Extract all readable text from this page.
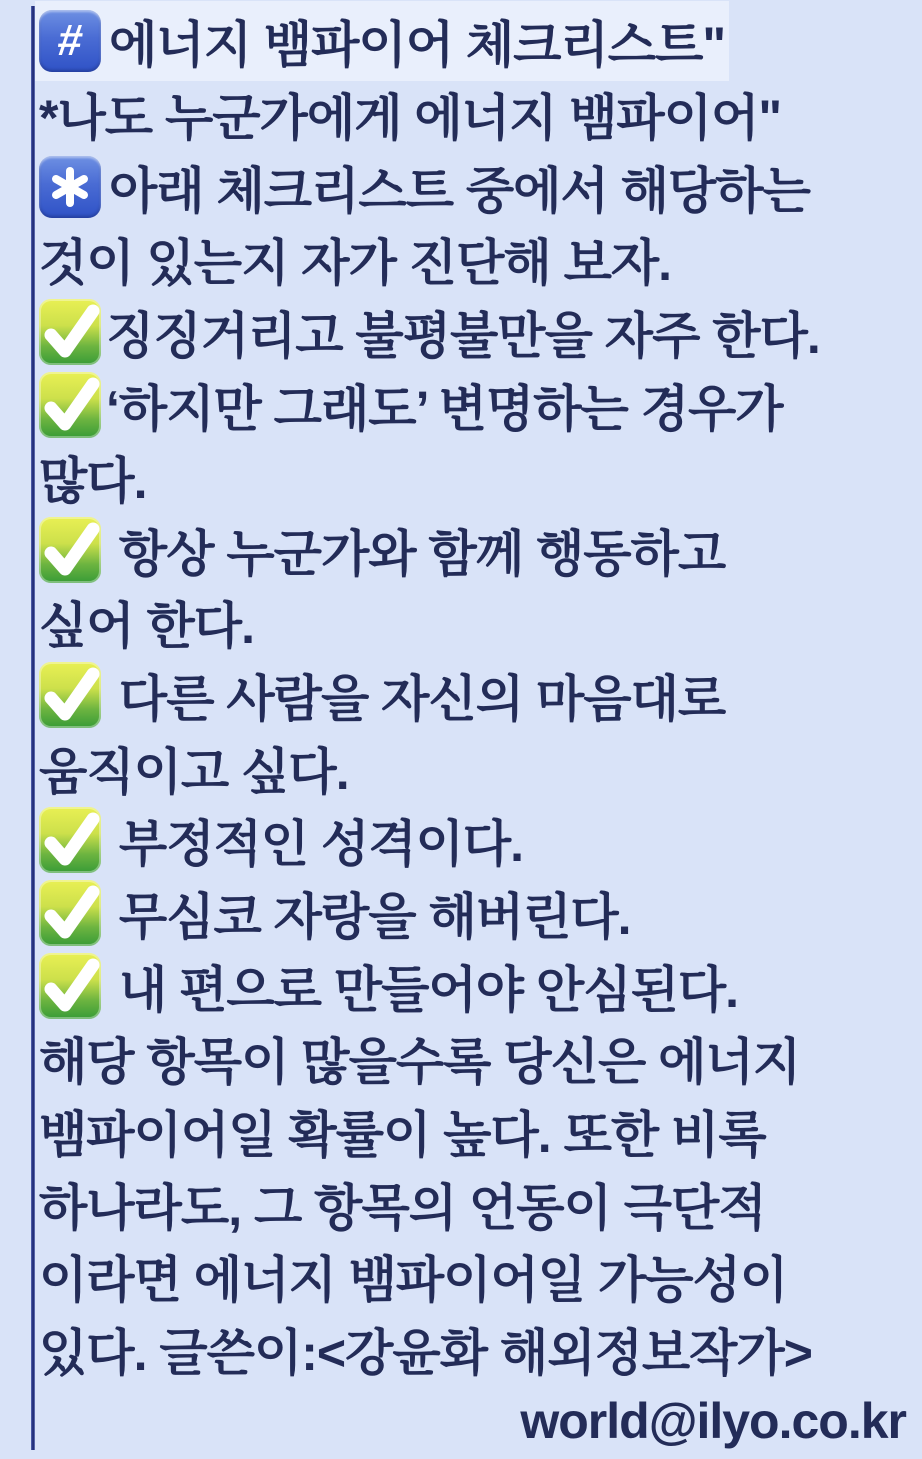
# 에너지 뱀파이어 체크리스트"
*나도 누군가에게 에너지 뱀파이어"
아래 체크리스트 중에서 해당하는
것이 있는지 자가 진단해 보자.
징징거리고 불평불만을 자주 한다.
‘하지만 그래도’ 변명하는 경우가
많다.
항상 누군가와 함께 행동하고
싶어 한다.
다른 사람을 자신의 마음대로
움직이고 싶다.
부정적인 성격이다.
무심코 자랑을 해버린다.
내 편으로 만들어야 안심된다.
해당 항목이 많을수록 당신은 에너지
뱀파이어일 확률이 높다. 또한 비록
하나라도, 그 항목의 언동이 극단적
이라면 에너지 뱀파이어일 가능성이
있다. 글쓴이:<강윤화 해외정보작가>
world@ilyo.co.kr
